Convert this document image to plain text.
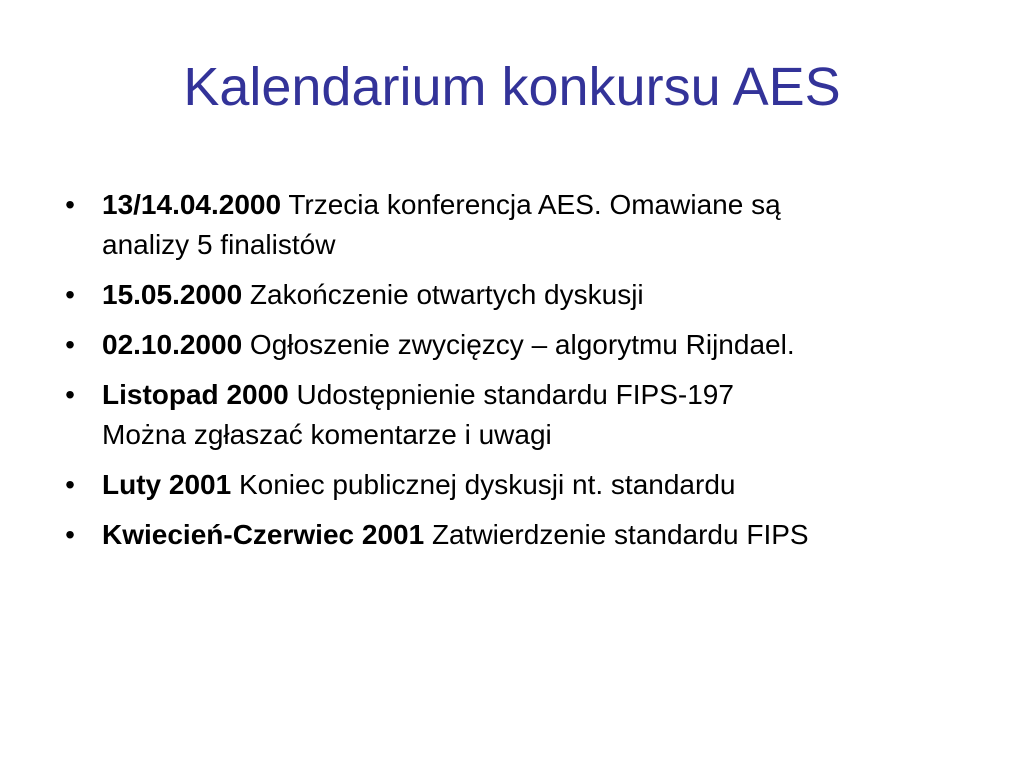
Kalendarium konkursu AES
• 13/14.04.2000 Trzecia konferencja AES. Omawiane są
analizy 5 finalistów
• 15.05.2000 Zakończenie otwartych dyskusji
• 02.10.2000 Ogłoszenie zwycięzcy – algorytmu Rijndael.
• Listopad 2000 Udostępnienie standardu FIPS-197
Można zgłaszać komentarze i uwagi
• Luty 2001 Koniec publicznej dyskusji nt. standardu
• Kwiecień-Czerwiec 2001 Zatwierdzenie standardu FIPS
